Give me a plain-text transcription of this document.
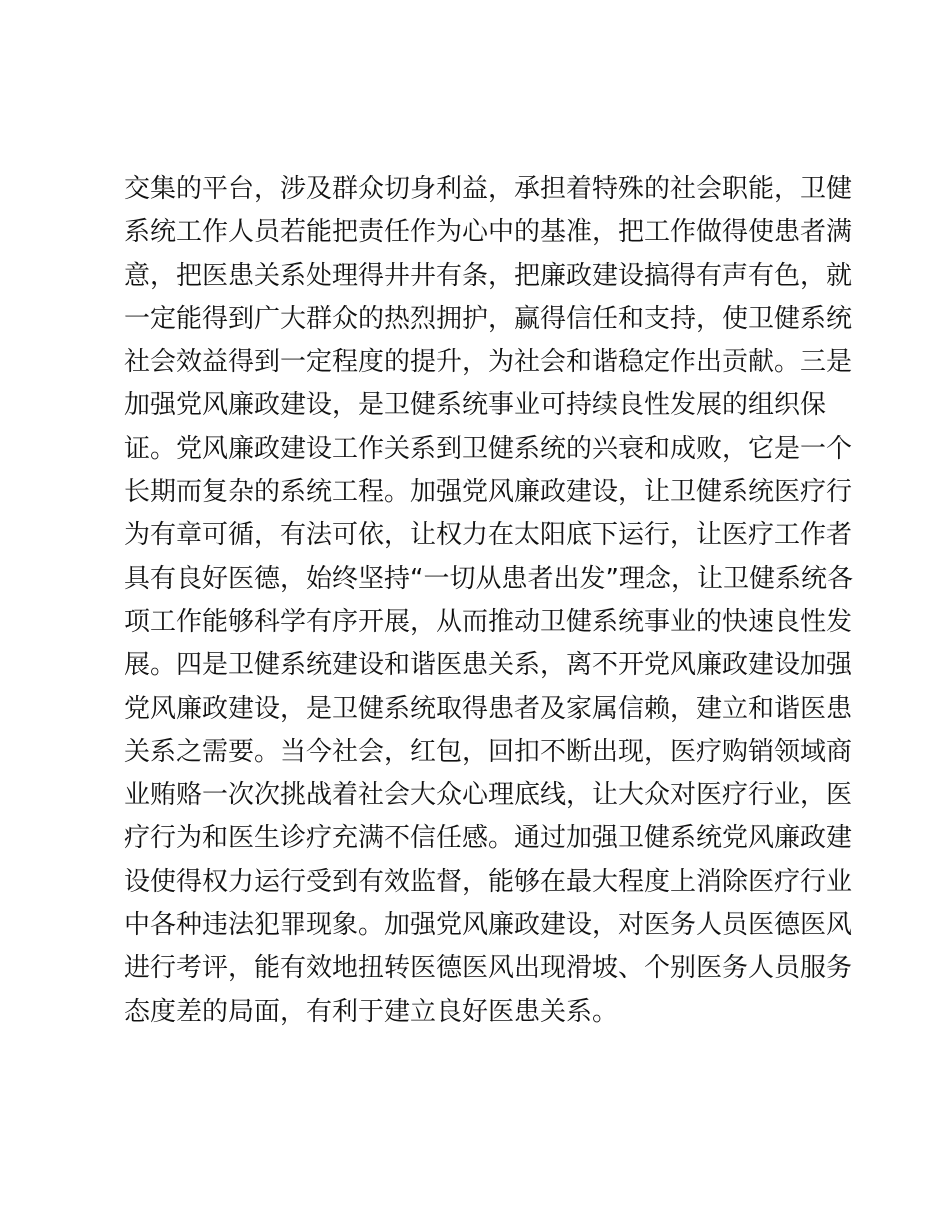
交集的平台，涉及群众切身利益，承担着特殊的社会职能，卫健
系统工作人员若能把责任作为心中的基准，把工作做得使患者满
意，把医患关系处理得井井有条，把廉政建设搞得有声有色，就
一定能得到广大群众的热烈拥护，赢得信任和支持，使卫健系统
社会效益得到一定程度的提升，为社会和谐稳定作出贡献。三是
加强党风廉政建设，是卫健系统事业可持续良性发展的组织保
证。党风廉政建设工作关系到卫健系统的兴衰和成败，它是一个
长期而复杂的系统工程。加强党风廉政建设，让卫健系统医疗行
为有章可循，有法可依，让权力在太阳底下运行，让医疗工作者
具有良好医德，始终坚持“一切从患者出发”理念，让卫健系统各
项工作能够科学有序开展，从而推动卫健系统事业的快速良性发
展。四是卫健系统建设和谐医患关系，离不开党风廉政建设加强
党风廉政建设，是卫健系统取得患者及家属信赖，建立和谐医患
关系之需要。当今社会，红包，回扣不断出现，医疗购销领域商
业贿赂一次次挑战着社会大众心理底线，让大众对医疗行业，医
疗行为和医生诊疗充满不信任感。通过加强卫健系统党风廉政建
设使得权力运行受到有效监督，能够在最大程度上消除医疗行业
中各种违法犯罪现象。加强党风廉政建设，对医务人员医德医风
进行考评，能有效地扭转医德医风出现滑坡、个别医务人员服务
态度差的局面，有利于建立良好医患关系。
